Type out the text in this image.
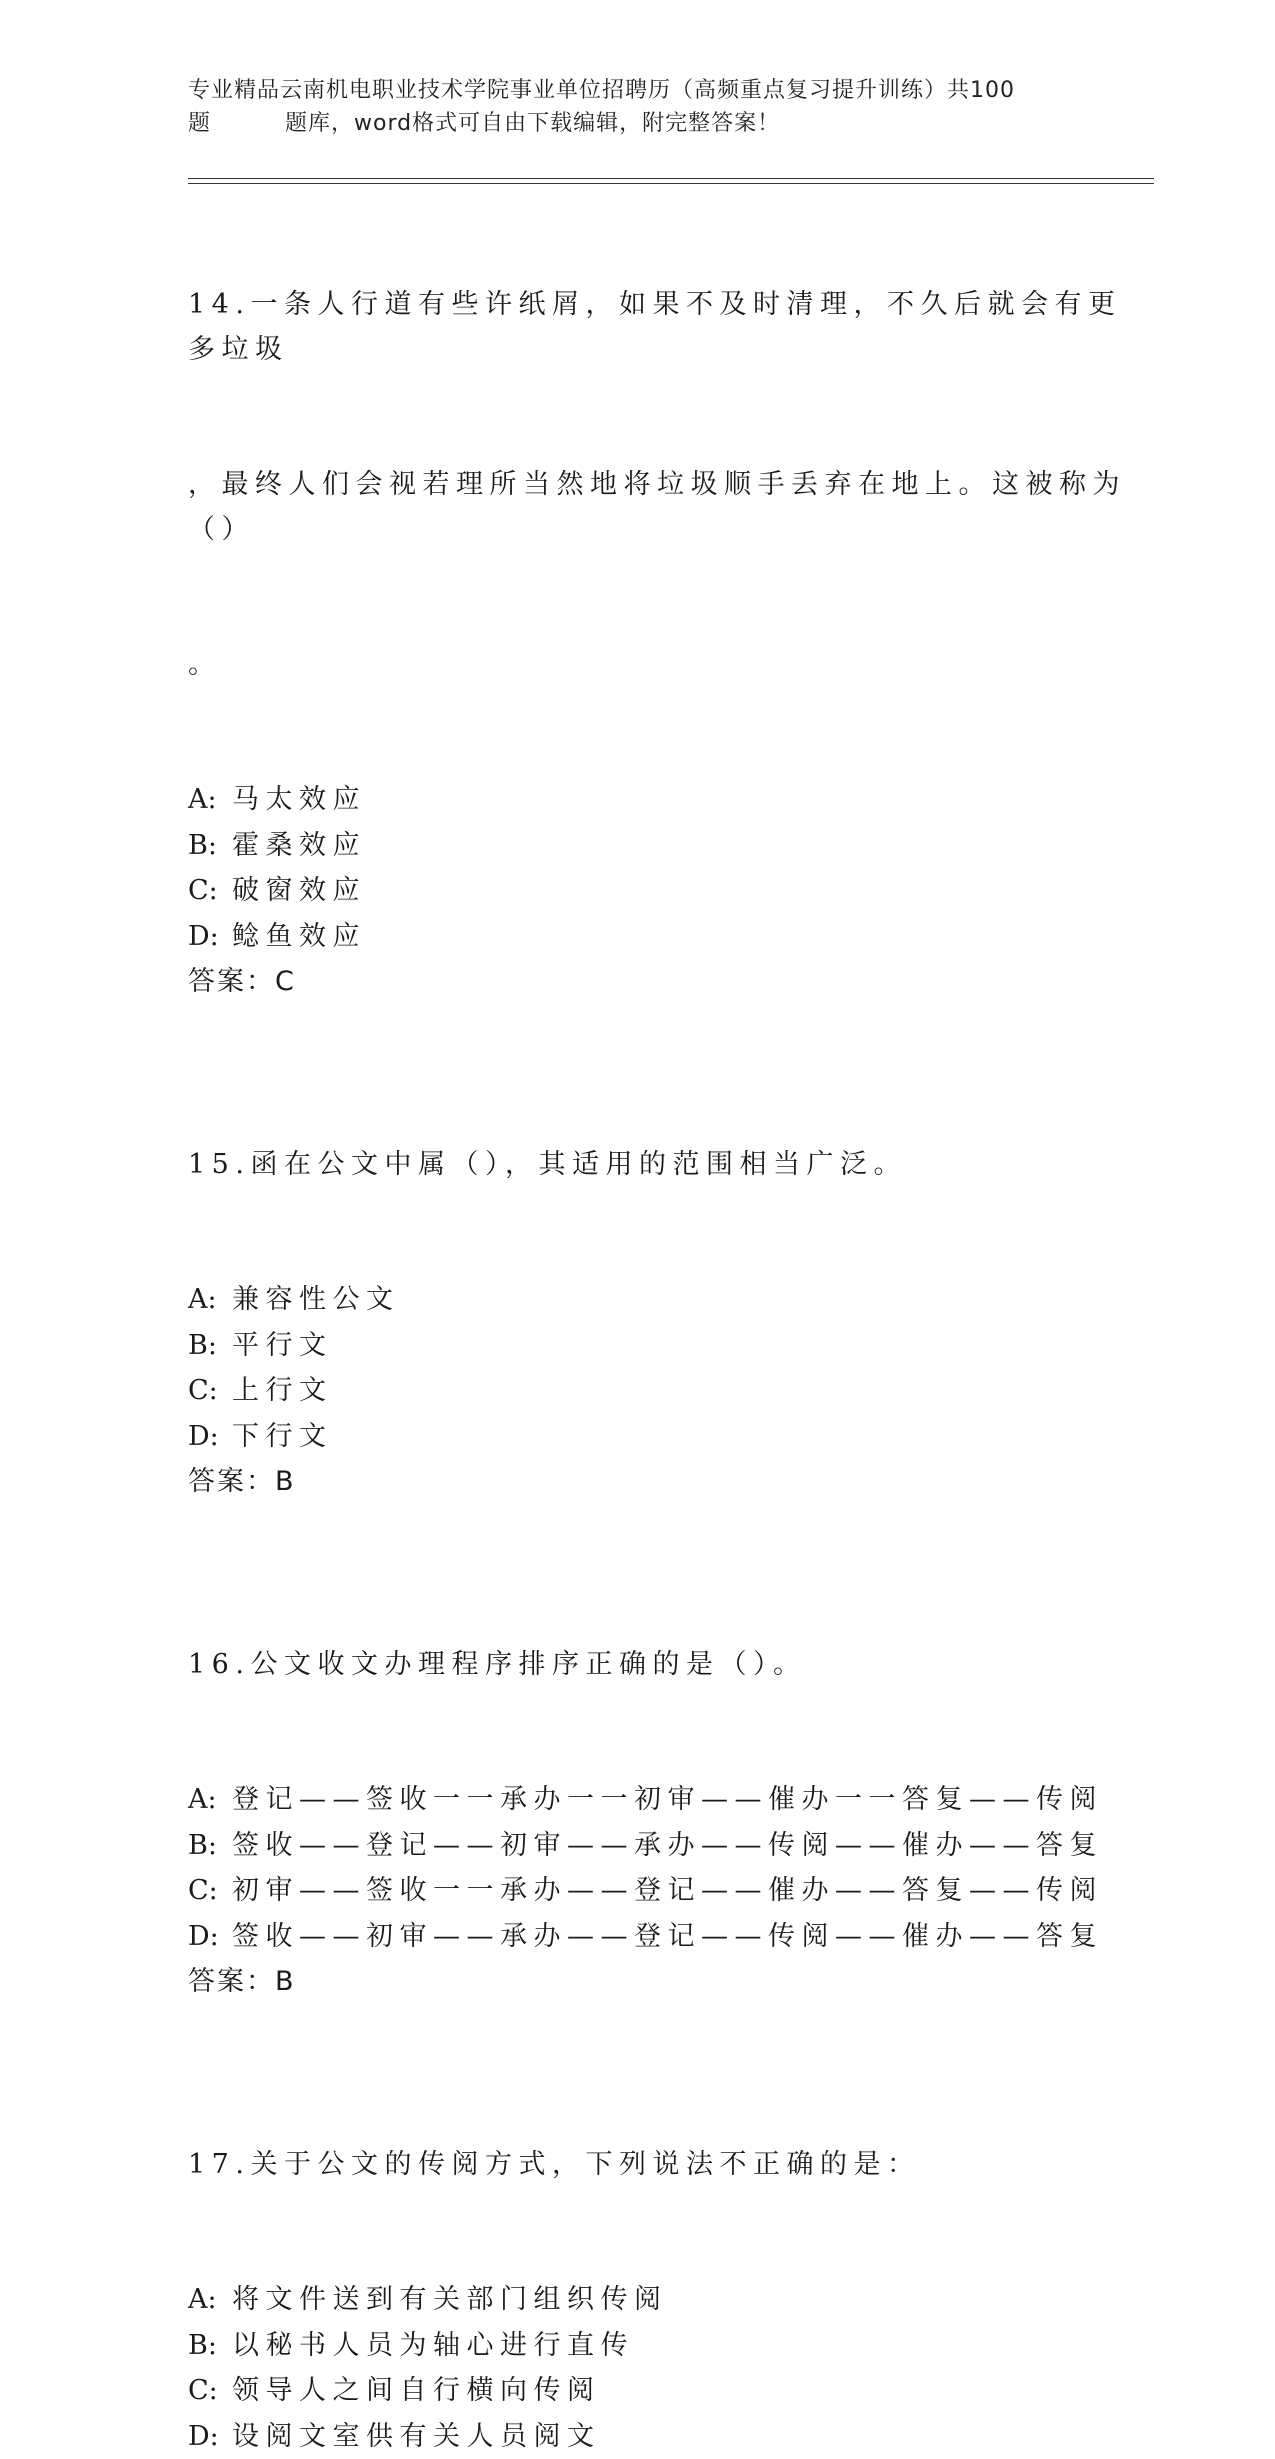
专业精品云南机电职业技术学院事业单位招聘历（高频重点复习提升训练）共100
题	题库，word格式可自由下载编辑，附完整答案！

14.一条人行道有些许纸屑，如果不及时清理，不久后就会有更多垃圾

，最终人们会视若理所当然地将垃圾顺手丢弃在地上。这被称为（）

。

A: 马太效应

B: 霍桑效应

C: 破窗效应

D: 鲶鱼效应

答案：C

15.函在公文中属（），其适用的范围相当广泛。

A: 兼容性公文

B: 平行文

C: 上行文

D: 下行文

答案：B

16.公文收文办理程序排序正确的是（）。

A: 登记——签收一一承办一一初审——催办一一答复——传阅

B: 签收——登记——初审——承办——传阅——催办——答复

C: 初审——签收一一承办——登记——催办——答复——传阅

D: 签收——初审——承办——登记——传阅——催办——答复

答案：B

17.关于公文的传阅方式，下列说法不正确的是：

A: 将文件送到有关部门组织传阅

B: 以秘书人员为轴心进行直传

C: 领导人之间自行横向传阅

D: 设阅文室供有关人员阅文
